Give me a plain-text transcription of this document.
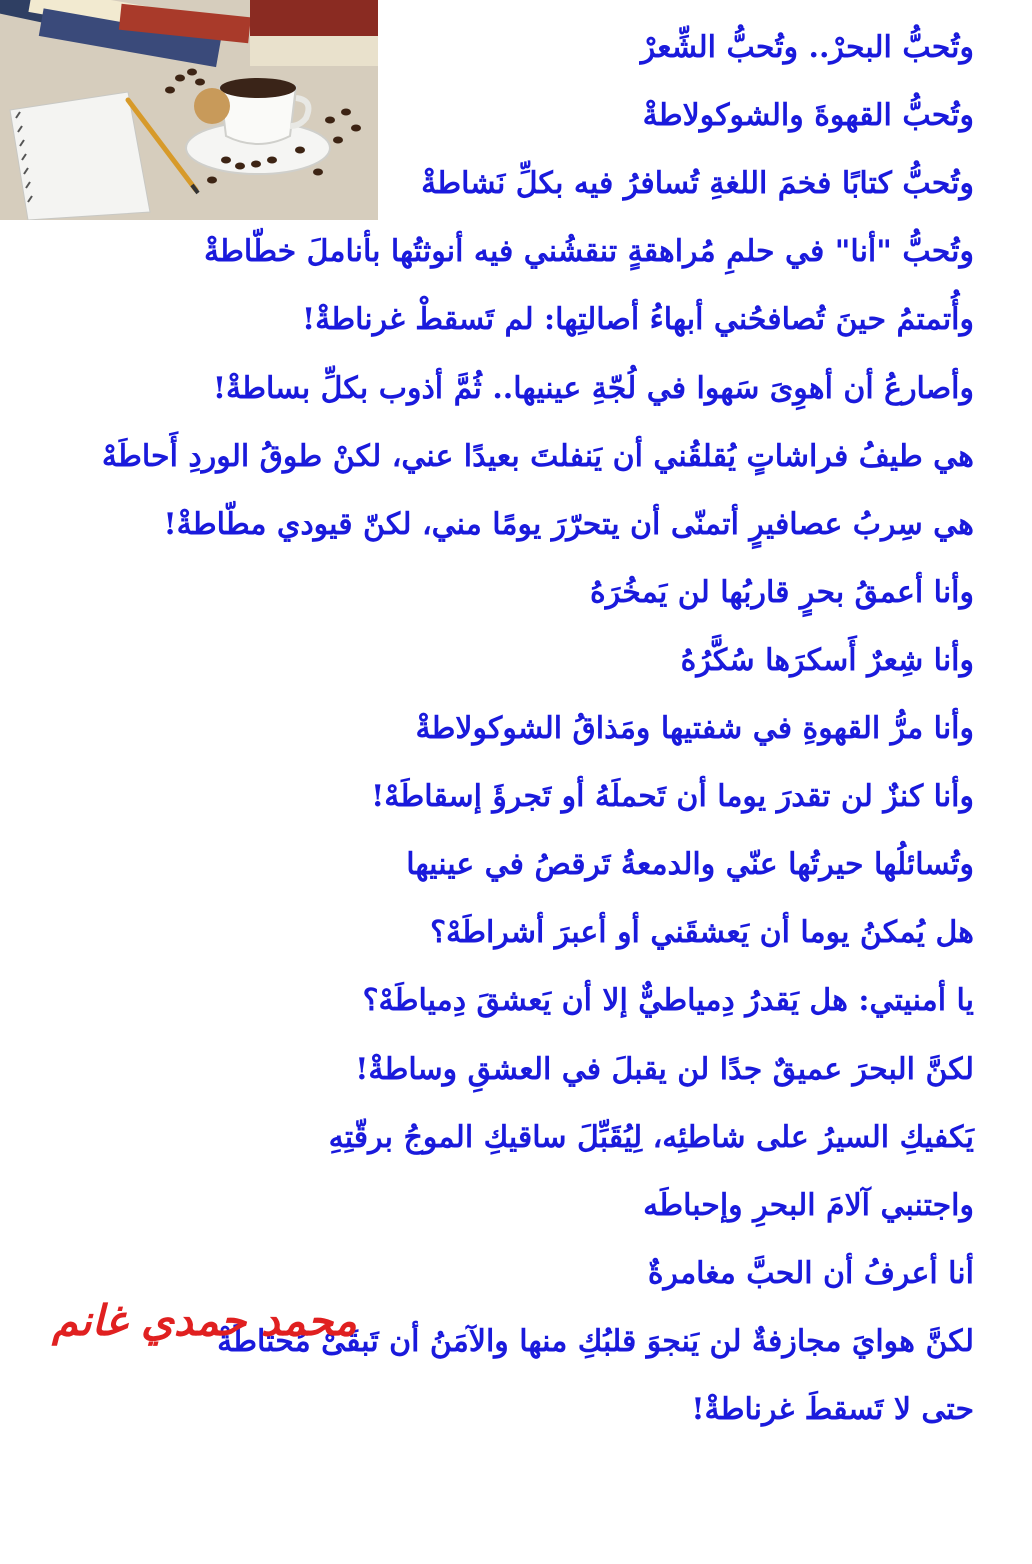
وتُحبُّ البحرْ.. وتُحبُّ الشِّعرْ
وتُحبُّ القهوةَ والشوكولاطةْ
وتُحبُّ كتابًا فخمَ اللغةِ تُسافرُ فيه بكلِّ نَشاطةْ
وتُحبُّ "أنا" في حلمِ مُراهقةٍ تنقشُني فيه أنوثتُها بأناملَ خطّاطةْ
وأُتمتمُ حينَ تُصافحُني أبهاءُ أصالتِها: لم تَسقطْ غرناطةْ!
وأصارعُ أن أهوِىَ سَهوا في لُجّةِ عينيها.. ثُمَّ أذوب بكلِّ بساطةْ!
هي طيفُ فراشاتٍ يُقلقُني أن يَنفلتَ بعيدًا عني، لكنْ طوقُ الوردِ أَحاطَهْ
هي سِربُ عصافيرٍ أتمنّى أن يتحرّرَ يومًا مني، لكنّ قيودي مطّاطةْ!
وأنا أعمقُ بحرٍ قاربُها لن يَمخُرَهُ
وأنا شِعرٌ أَسكرَها سُكَّرُهُ
وأنا مرُّ القهوةِ في شفتيها ومَذاقُ الشوكولاطةْ
وأنا كنزٌ لن تقدرَ يوما أن تَحملَهُ أو تَجرؤَ إسقاطَهْ!
وتُسائلُها حيرتُها عنّي والدمعةُ تَرقصُ في عينيها
هل يُمكنُ يوما أن يَعشقَني أو أعبرَ أشراطَهْ؟
يا أمنيتي: هل يَقدرُ دِمياطيٌّ إلا أن يَعشقَ دِمياطَهْ؟
لكنَّ البحرَ عميقٌ جدًا لن يقبلَ في العشقِ وساطةْ!
يَكفيكِ السيرُ على شاطئِه، لِيُقَبِّلَ ساقيكِ الموجُ برقّتِهِ
واجتنبي آلامَ البحرِ وإحباطَه
أنا أعرفُ أن الحبَّ مغامرةٌ
لكنَّ هوايَ مجازفةٌ لن يَنجوَ قلبُكِ منها والآمَنُ أن تَبقَىْ مُحتاطَةْ
حتى لا تَسقطَ غرناطةْ!
محمد حمدي غانم
